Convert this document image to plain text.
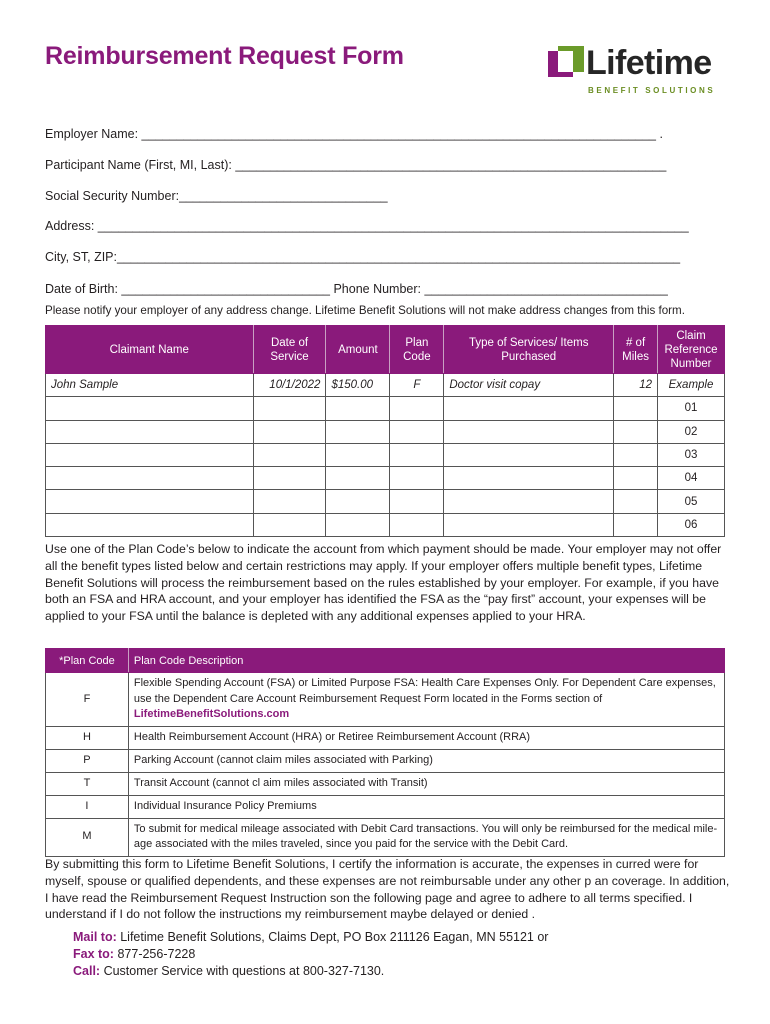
Reimbursement Request Form	Lifetime
BENEFIT SOLUTIONS
Employer Name: __________________________________________________________________________ .
Participant Name (First, MI, Last): ______________________________________________________________
Social Security Number:______________________________
Address: _____________________________________________________________________________________
City, ST, ZIP:_________________________________________________________________________________
Date of Birth: ______________________________ Phone Number: ___________________________________
Please notify your employer of any address change. Lifetime Benefit Solutions will not make address changes from this form.
Claimant Name	Date of Service	Amount	Plan Code	Type of Services/ Items Purchased	# of Miles	Claim Reference Number
John Sample	10/1/2022	$150.00	F	Doctor visit copay	12	Example
						01
						02
						03
						04
						05
						06
Use one of the Plan Code’s below to indicate the account from which payment should be made. Your employer may not offer all the benefit types listed below and certain restrictions may apply. If your employer offers multiple benefit types, Lifetime Benefit Solutions will process the reimbursement based on the rules established by your employer. For example, if you have both an FSA and HRA account, and your employer has identified the FSA as the “pay first” account, your expenses will be applied to your FSA until the balance is depleted with any additional expenses applied to your HRA.
*Plan Code	Plan Code Description
F	Flexible Spending Account (FSA) or Limited Purpose FSA: Health Care Expenses Only. For Dependent Care expenses, use the Dependent Care Account Reimbursement Request Form located in the Forms section of
LifetimeBenefitSolutions.com
H	Health Reimbursement Account (HRA) or Retiree Reimbursement Account (RRA)
P	Parking Account (cannot claim miles associated with Parking)
T	Transit Account (cannot cl aim miles associated with Transit)
I	Individual Insurance Policy Premiums
M	To submit for medical mileage associated with Debit Card transactions. You will only be reimbursed for the medical mile-age associated with the miles traveled, since you paid for the service with the Debit Card.
By submitting this form to Lifetime Benefit Solutions, I certify the information is accurate, the expenses in curred were for myself, spouse or qualified dependents, and these expenses are not reimbursable under any other p an coverage. In addition, I have read the Reimbursement Request Instruction son the following page and agree to adhere to all terms specified. I understand if I do not follow the instructions my reimbursement maybe delayed or denied .
Mail to: Lifetime Benefit Solutions, Claims Dept, PO Box 211126 Eagan, MN 55121 or
Fax to: 877-256-7228
Call: Customer Service with questions at 800-327-7130.
